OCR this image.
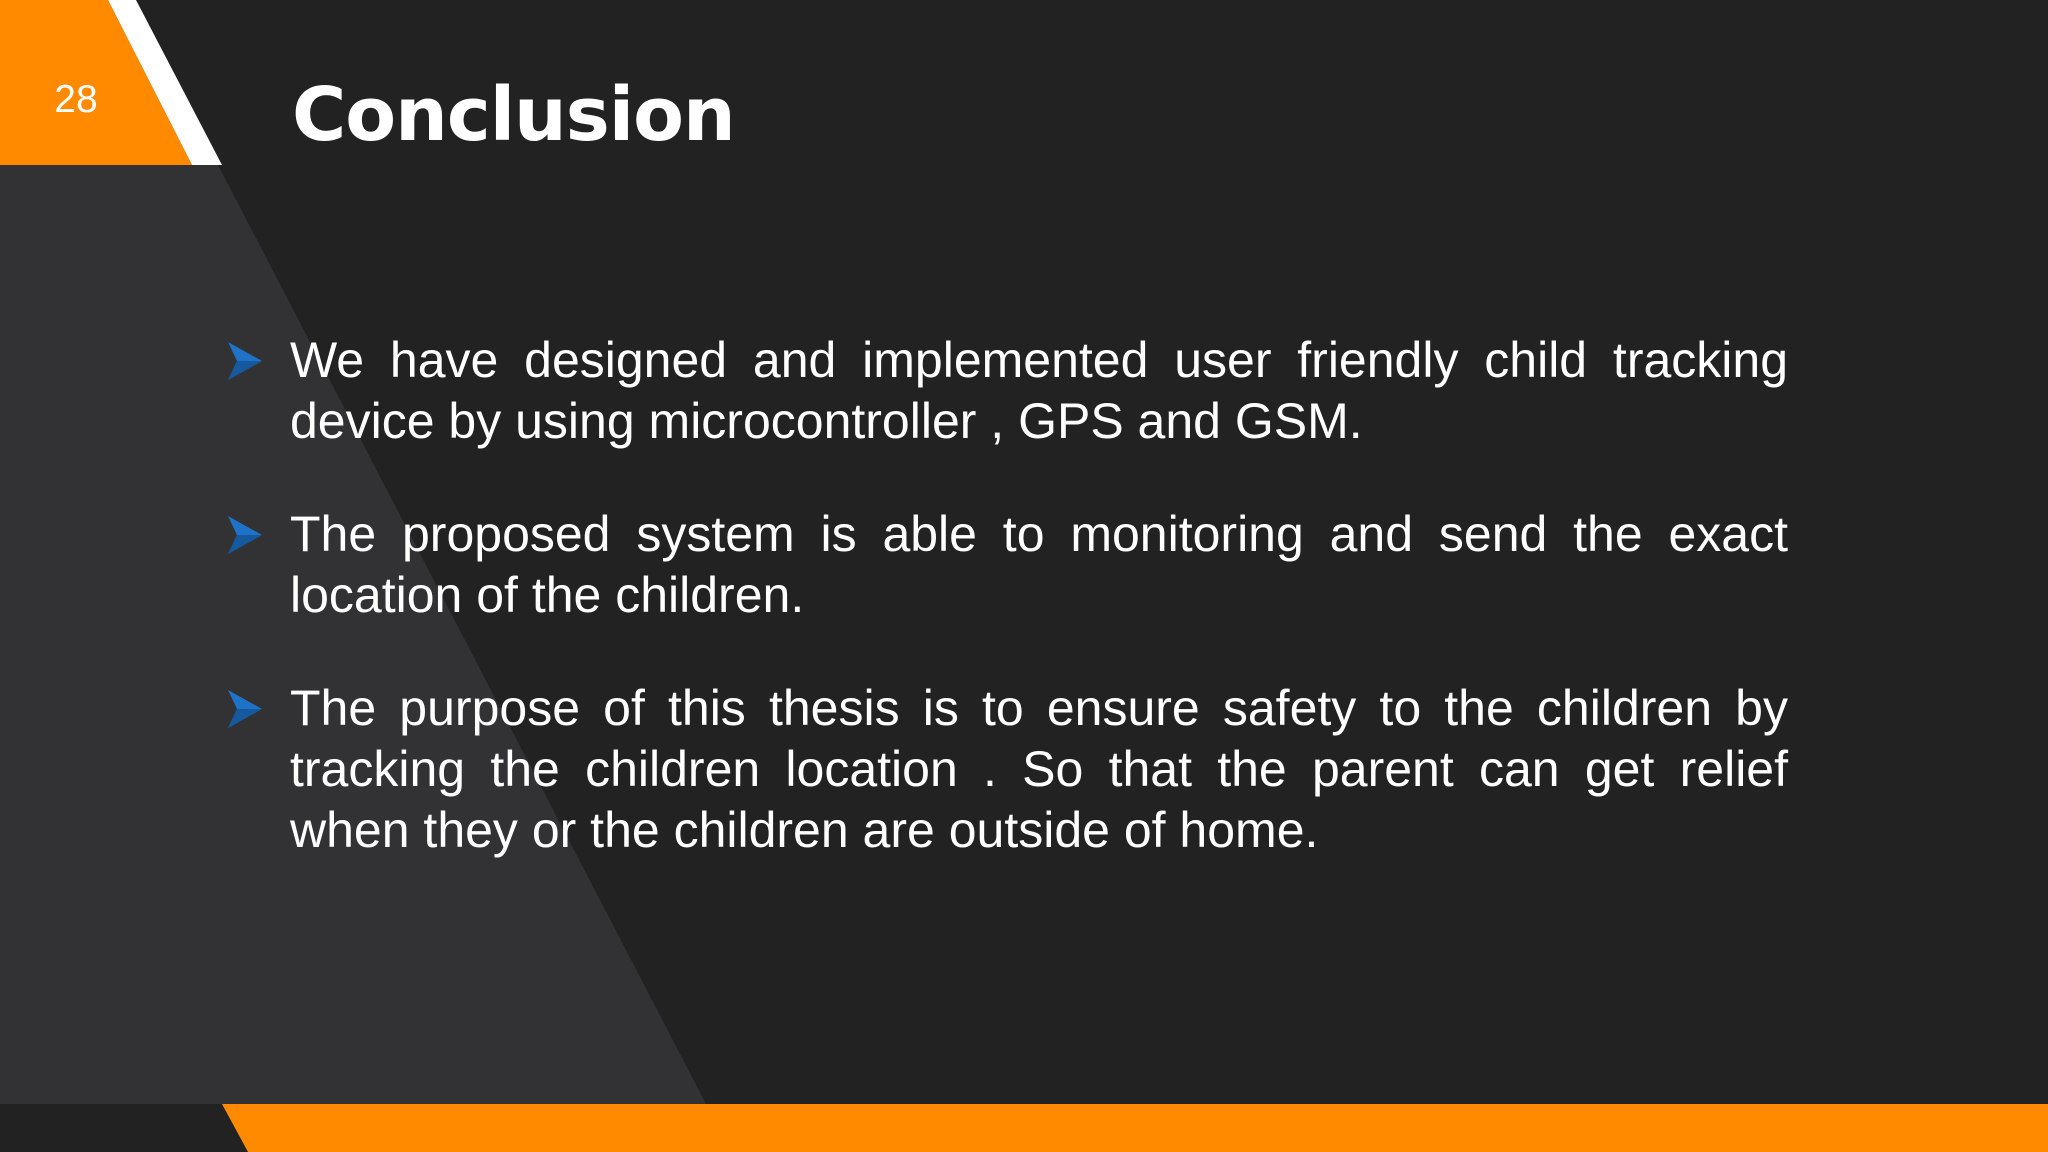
28	Conclusion
We have designed and implemented user friendly child tracking device by using microcontroller , GPS and GSM.
The proposed system is able to monitoring and send the exact location of the children.
The purpose of this thesis is to ensure safety to the children by tracking the children location . So that the parent can get relief when they or the children are outside of home.
